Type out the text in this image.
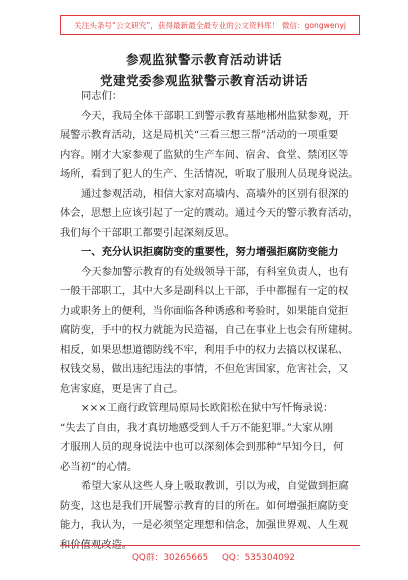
关注头条号“公文研究”，获得最新最全最专业的公文资料库！ 微信：gongwenyj
参观监狱警示教育活动讲话
党建党委参观监狱警示教育活动讲话
同志们：
今天，我局全体干部职工到警示教育基地郴州监狱参观，开
展警示教育活动，这是局机关“三看三想三帮”活动的一项重要
内容。刚才大家参观了监狱的生产车间、宿舍、食堂、禁闭区等
场所，看到了犯人的生产、生活情况，听取了服刑人员现身说法。
通过参观活动，相信大家对高墙内、高墙外的区别有很深的
体会，思想上应该引起了一定的震动。通过今天的警示教育活动，
我们每个干部职工都要引起深刻反思。
一、充分认识拒腐防变的重要性，努力增强拒腐防变能力
今天参加警示教育的有处级领导干部，有科室负责人，也有
一般干部职工，其中大多是副科以上干部，手中都握有一定的权
力或职务上的便利，当你面临各种诱惑和考验时，如果能自觉拒
腐防变，手中的权力就能为民造福，自己在事业上也会有所建树。
相反，如果思想道德防线不牢，利用手中的权力去搞以权谋私、
权钱交易，做出违纪违法的事情，不但危害国家，危害社会，又
危害家庭，更是害了自己。
×××工商行政管理局原局长欧阳松在狱中写忏悔录说：
“失去了自由，我才真切地感受到人千万不能犯罪。”大家从刚
才服刑人员的现身说法中也可以深刻体会到那种“早知今日，何
必当初”的心情。
希望大家从这些人身上吸取教训，引以为戒，自觉做到拒腐
防变，这也是我们开展警示教育的目的所在。如何增强拒腐防变
能力，我认为，一是必须坚定理想和信念，加强世界观、人生观
和价值观改造。
QQ群：30265665 QQ：535304092
